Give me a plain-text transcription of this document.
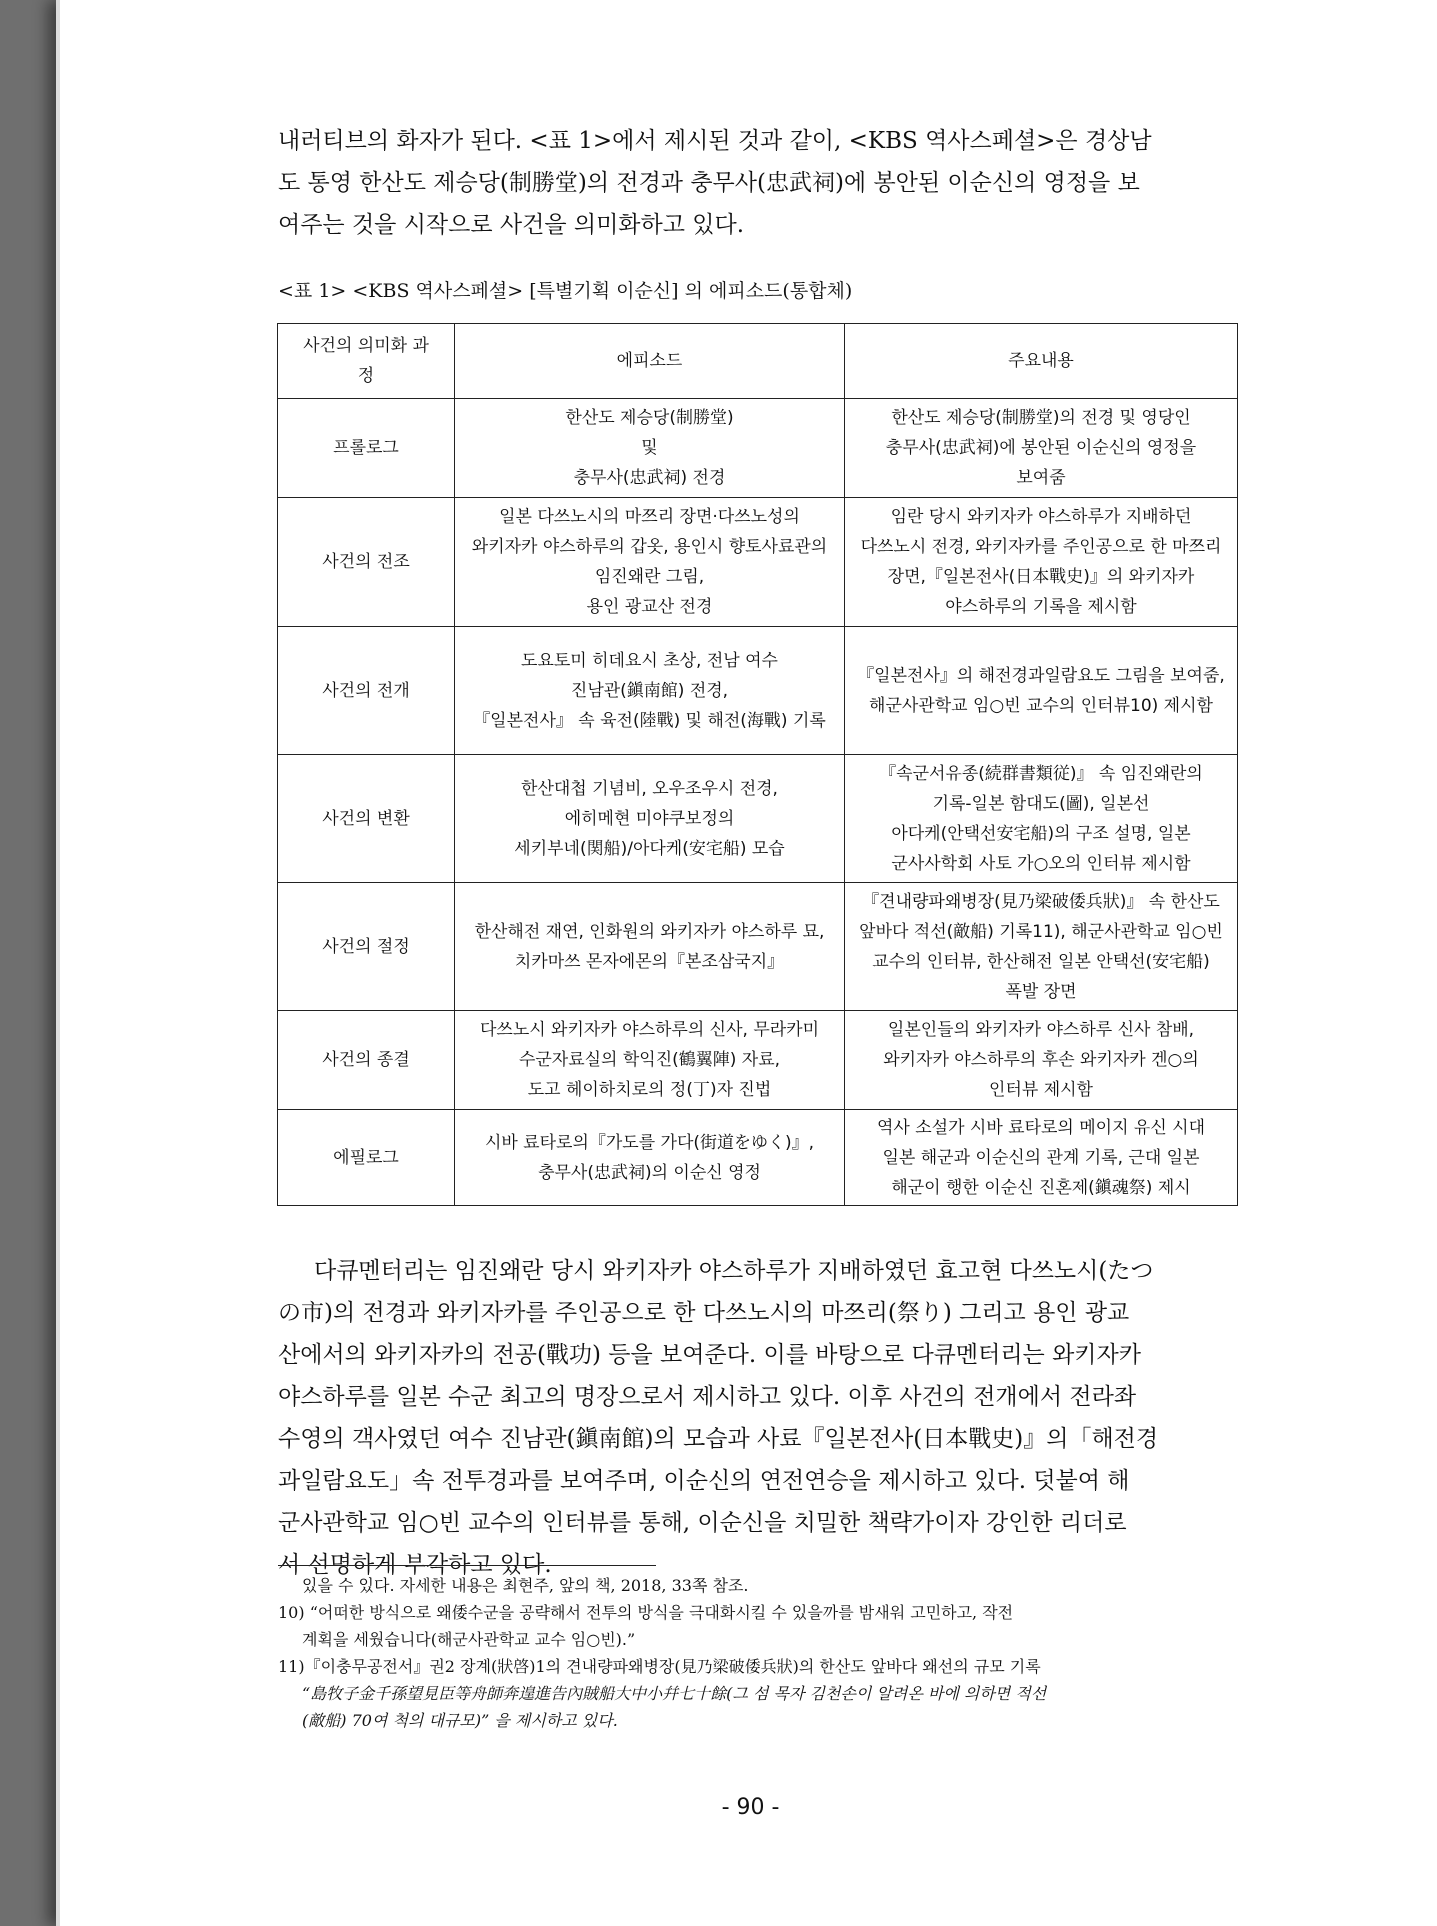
내러티브의 화자가 된다. <표 1>에서 제시된 것과 같이, <KBS 역사스페셜>은 경상남
도 통영 한산도 제승당(制勝堂)의 전경과 충무사(忠武祠)에 봉안된 이순신의 영정을 보
여주는 것을 시작으로 사건을 의미화하고 있다.

<표 1> <KBS 역사스페셜> [특별기획 이순신] 의 에피소드(통합체)

사건의 의미화 과정	에피소드	주요내용
프롤로그	한산도 제승당(制勝堂)
및
충무사(忠武祠) 전경	한산도 제승당(制勝堂)의 전경 및 영당인
충무사(忠武祠)에 봉안된 이순신의 영정을
보여줌

사건의 전조	일본 다쓰노시의 마쯔리 장면·다쓰노성의
와키자카 야스하루의 갑옷, 용인시 향토사료관의
임진왜란 그림,
용인 광교산 전경	임란 당시 와키자카 야스하루가 지배하던
다쓰노시 전경, 와키자카를 주인공으로 한 마쯔리
장면,『일본전사(日本戰史)』의 와키자카
야스하루의 기록을 제시함

사건의 전개	도요토미 히데요시 초상, 전남 여수
진남관(鎭南館) 전경,
『일본전사』 속 육전(陸戰) 및 해전(海戰) 기록	『일본전사』의 해전경과일람요도 그림을 보여줌,
해군사관학교 임○빈 교수의 인터뷰10) 제시함

사건의 변환	한산대첩 기념비, 오우조우시 전경,
에히메현 미야쿠보정의
세키부네(関船)/아다케(安宅船) 모습	『속군서유종(続群書類従)』 속 임진왜란의
기록-일본 함대도(圖), 일본선
아다케(안택선安宅船)의 구조 설명, 일본
군사사학회 사토 가○오의 인터뷰 제시함

사건의 절정	한산해전 재연, 인화원의 와키자카 야스하루 묘,
치카마쓰 몬자에몬의『본조삼국지』	『견내량파왜병장(見乃梁破倭兵狀)』 속 한산도
앞바다 적선(敵船) 기록11), 해군사관학교 임○빈
교수의 인터뷰, 한산해전 일본 안택선(安宅船)
폭발 장면

사건의 종결	다쓰노시 와키자카 야스하루의 신사, 무라카미
수군자료실의 학익진(鶴翼陣) 자료,
도고 헤이하치로의 정(丁)자 진법	일본인들의 와키자카 야스하루 신사 참배,
와키자카 야스하루의 후손 와키자카 겐○의
인터뷰 제시함

에필로그	시바 료타로의『가도를 가다(街道をゆく)』,
충무사(忠武祠)의 이순신 영정	역사 소설가 시바 료타로의 메이지 유신 시대
일본 해군과 이순신의 관계 기록, 근대 일본
해군이 행한 이순신 진혼제(鎭魂祭) 제시

다큐멘터리는 임진왜란 당시 와키자카 야스하루가 지배하였던 효고현 다쓰노시(たつ
の市)의 전경과 와키자카를 주인공으로 한 다쓰노시의 마쯔리(祭り) 그리고 용인 광교
산에서의 와키자카의 전공(戰功) 등을 보여준다. 이를 바탕으로 다큐멘터리는 와키자카
야스하루를 일본 수군 최고의 명장으로서 제시하고 있다. 이후 사건의 전개에서 전라좌
수영의 객사였던 여수 진남관(鎭南館)의 모습과 사료『일본전사(日本戰史)』의「해전경
과일람요도」속 전투경과를 보여주며, 이순신의 연전연승을 제시하고 있다. 덧붙여 해
군사관학교 임○빈 교수의 인터뷰를 통해, 이순신을 치밀한 책략가이자 강인한 리더로
서 선명하게 부각하고 있다.

있을 수 있다. 자세한 내용은 최현주, 앞의 책, 2018, 33쪽 참조.
10) “어떠한 방식으로 왜倭수군을 공략해서 전투의 방식을 극대화시킬 수 있을까를 밤새워 고민하고, 작전
계획을 세웠습니다(해군사관학교 교수 임○빈).”
11)『이충무공전서』권2 장계(狀啓)1의 견내량파왜병장(見乃梁破倭兵狀)의 한산도 앞바다 왜선의 규모 기록
“島牧子金千孫望見臣等舟師奔遑進告內賊船大中小幷七十餘(그 섬 목자 김천손이 알려온 바에 의하면 적선
(敵船) 70여 척의 대규모)” 을 제시하고 있다.
- 90 -
